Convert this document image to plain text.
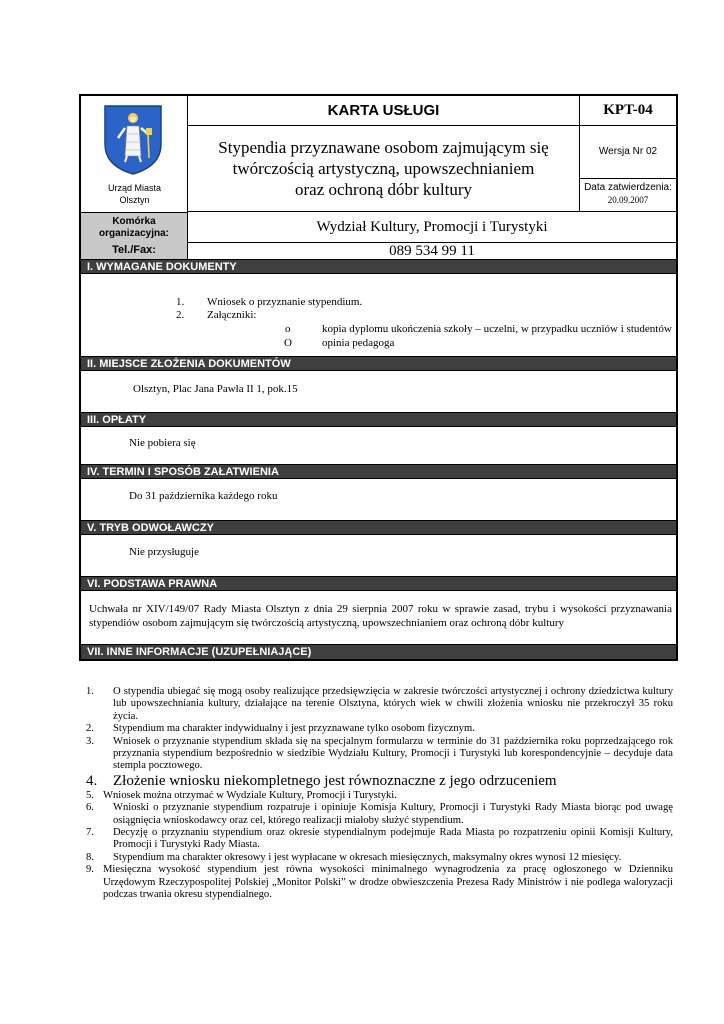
Urząd Miasta
Olsztyn
KARTA USŁUGI	KPT-04
Stypendia przyznawane osobom zajmującym się twórczością artystyczną, upowszechnianiem oraz ochroną dóbr kultury
Wersja Nr 02
Data zatwierdzenia:
20.09.2007
Komórka organizacyjna:	Wydział Kultury, Promocji i Turystyki
Tel./Fax:	089 534 99 11
I. WYMAGANE DOKUMENTY
1. Wniosek o przyznanie stypendium.
2. Załączniki:
o	kopia dyplomu ukończenia szkoły – uczelni, w przypadku uczniów i studentów
O	opinia pedagoga
II. MIEJSCE ZŁOŻENIA DOKUMENTÓW
Olsztyn, Plac Jana Pawła II 1, pok.15
III. OPŁATY
Nie pobiera się
IV. TERMIN I SPOSÓB ZAŁATWIENIA
Do 31 października każdego roku
V. TRYB ODWOŁAWCZY
Nie przysługuje
VI. PODSTAWA PRAWNA
Uchwała nr XIV/149/07 Rady Miasta Olsztyn z dnia 29 sierpnia 2007 roku w sprawie zasad, trybu i wysokości przyznawania stypendiów osobom zajmującym się twórczością artystyczną, upowszechnianiem oraz ochroną dóbr kultury
VII. INNE INFORMACJE (UZUPEŁNIAJĄCE)
1. O stypendia ubiegać się mogą osoby realizujące przedsięwzięcia w zakresie twórczości artystycznej i ochrony dziedzictwa kultury lub upowszechniania kultury, działające na terenie Olsztyna, których wiek w chwili złożenia wniosku nie przekroczył 35 roku życia.
2. Stypendium ma charakter indywidualny i jest przyznawane tylko osobom fizycznym.
3. Wniosek o przyznanie stypendium składa się na specjalnym formularzu w terminie do 31 października roku poprzedzającego rok przyznania stypendium bezpośrednio w siedzibie Wydziału Kultury, Promocji i Turystyki lub korespondencyjnie – decyduje data stempla pocztowego.
4. Złożenie wniosku niekompletnego jest równoznaczne z jego odrzuceniem
5. Wniosek można otrzymać w Wydziale Kultury, Promocji i Turystyki.
6. Wnioski o przyznanie stypendium rozpatruje i opiniuje Komisja Kultury, Promocji i Turystyki Rady Miasta biorąc pod uwagę osiągnięcia wnioskodawcy oraz cel, którego realizacji miałoby służyć stypendium.
7. Decyzję o przyznaniu stypendium oraz okresie stypendialnym podejmuje Rada Miasta po rozpatrzeniu opinii Komisji Kultury, Promocji i Turystyki Rady Miasta.
8. Stypendium ma charakter okresowy i jest wypłacane w okresach miesięcznych, maksymalny okres wynosi 12 miesięcy.
9. Miesięczna wysokość stypendium jest równa wysokości minimalnego wynagrodzenia za pracę ogłoszonego w Dzienniku Urzędowym Rzeczypospolitej Polskiej „Monitor Polski” w drodze obwieszczenia Prezesa Rady Ministrów i nie podlega waloryzacji podczas trwania okresu stypendialnego.
